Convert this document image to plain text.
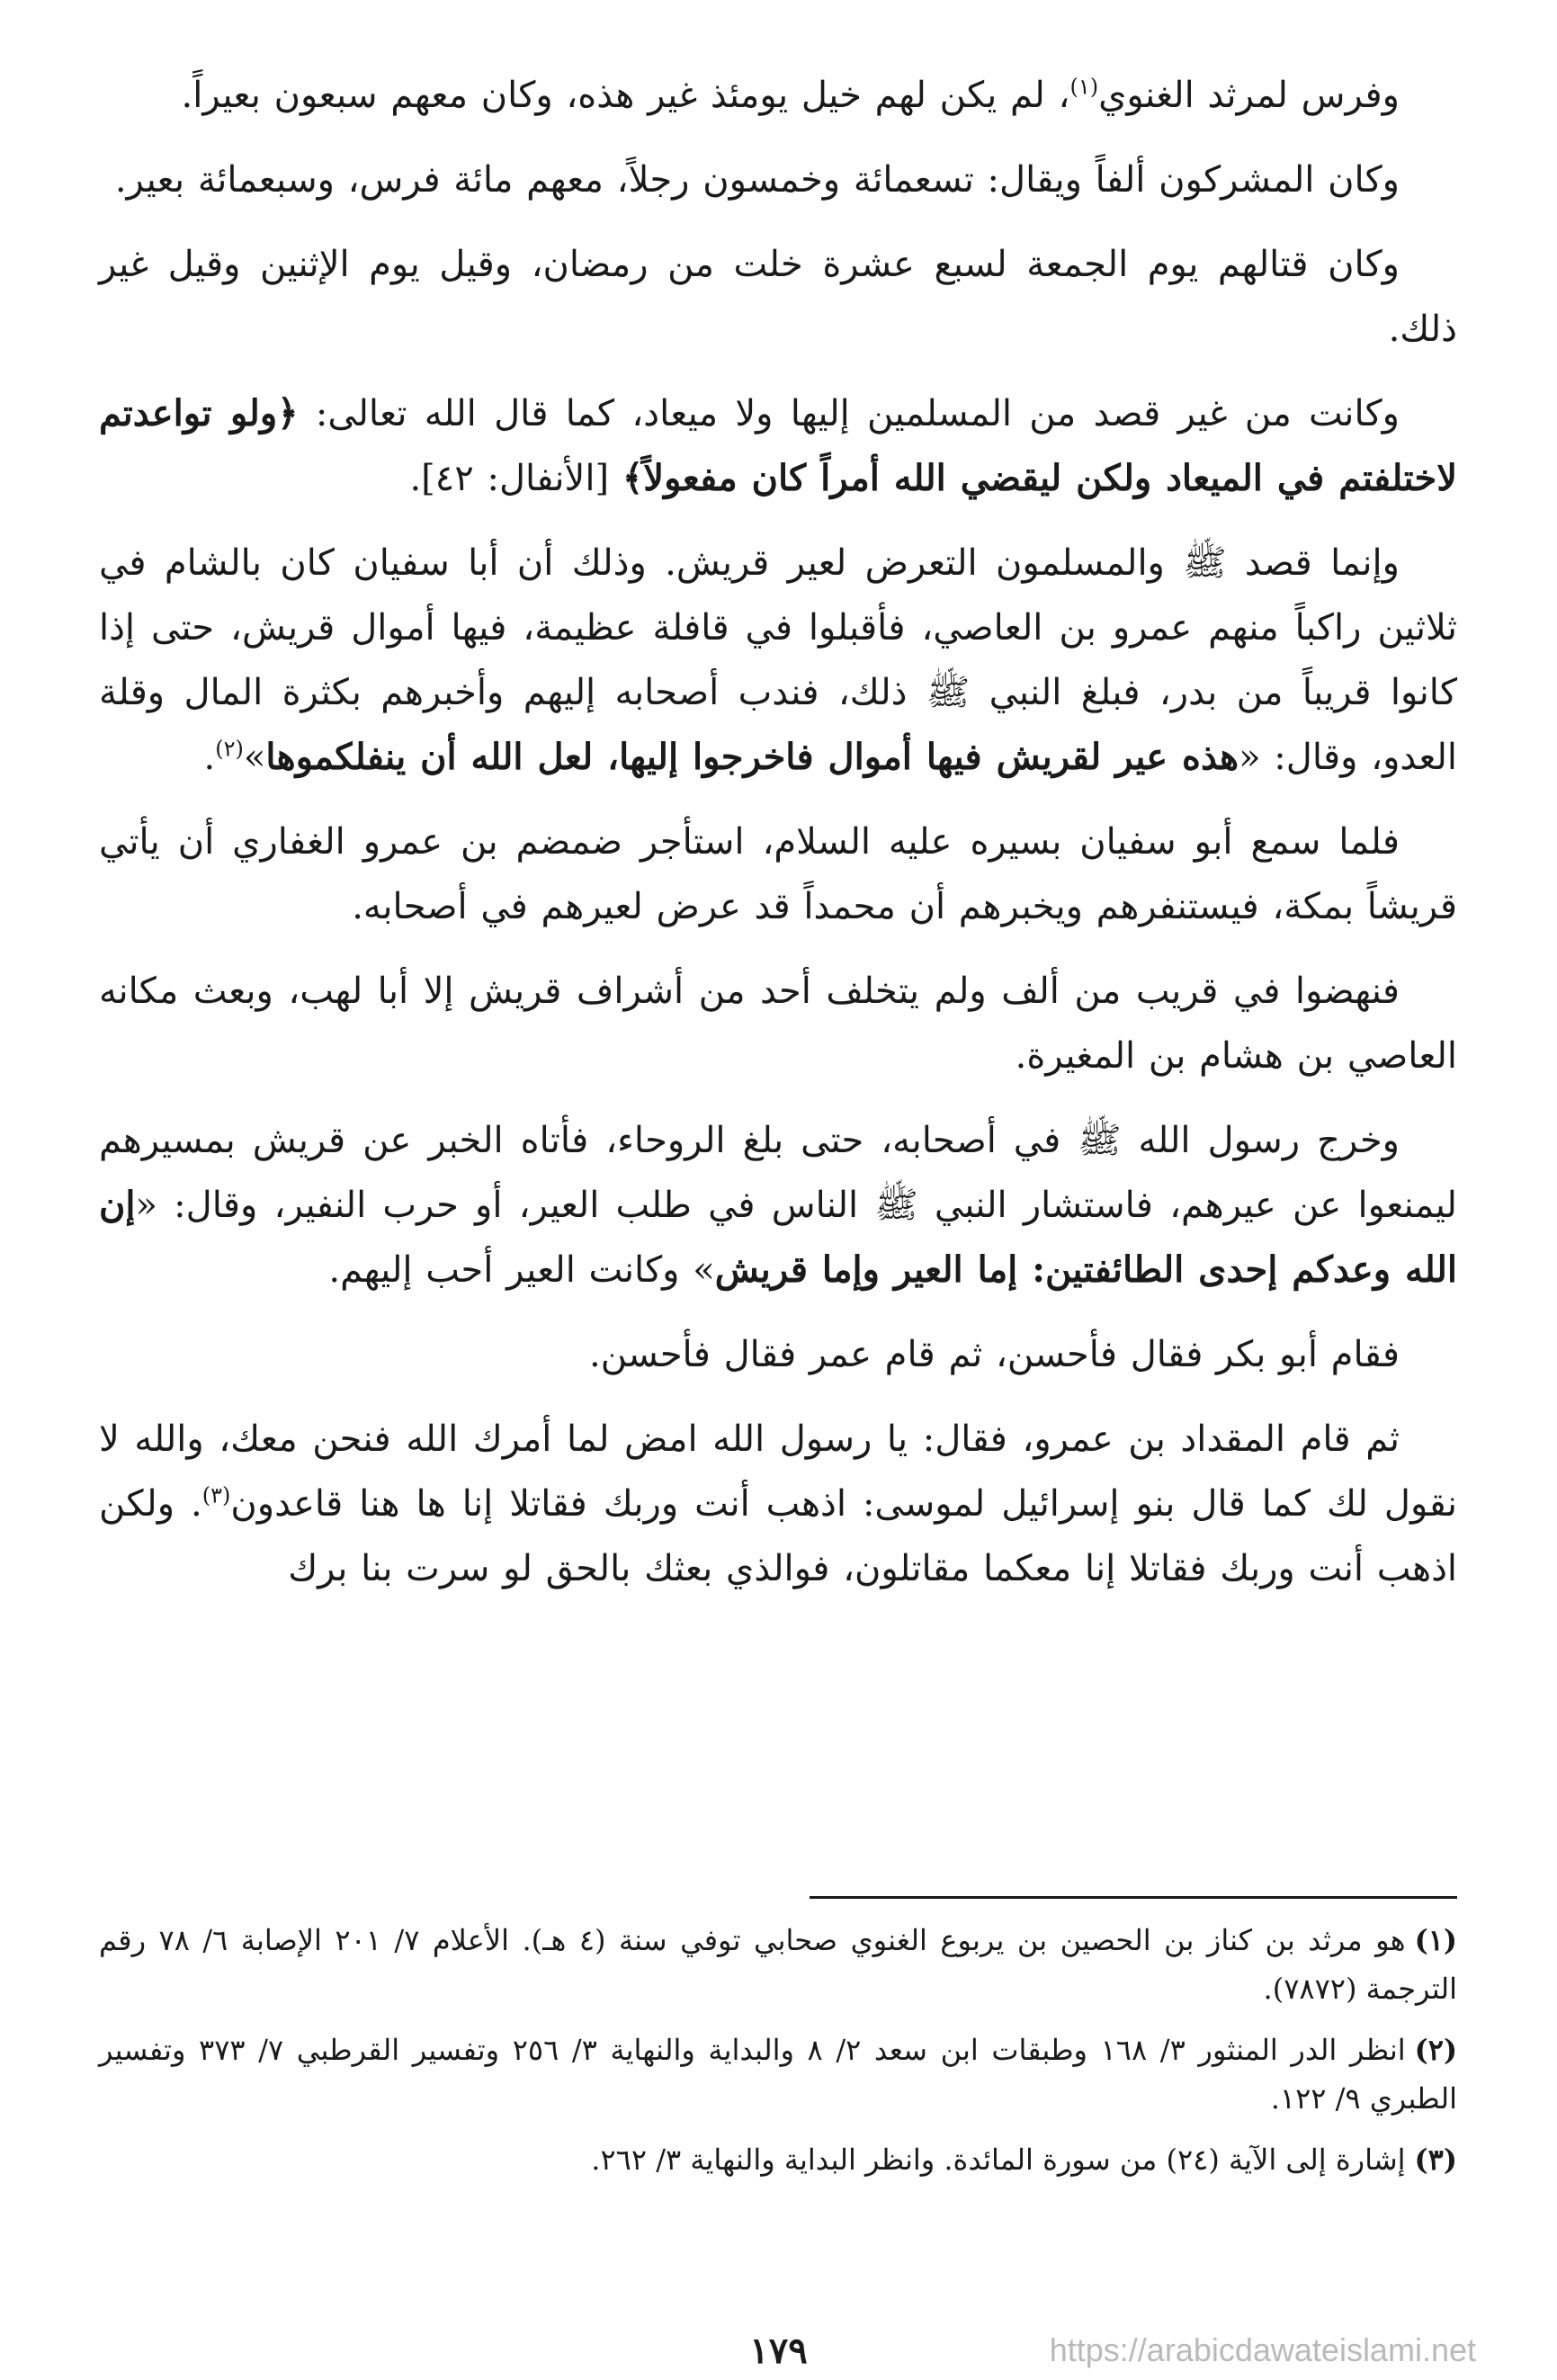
وفرس لمرثد الغنوي$^{(١)}$، لم يكن لهم خيل يومئذ غير هذه، وكان معهم سبعون بعيراً.

وكان المشركون ألفاً ويقال: تسعمائة وخمسون رجلاً، معهم مائة فرس، وسبعمائة بعير.

وكان قتالهم يوم الجمعة لسبع عشرة خلت من رمضان، وقيل يوم الإثنين وقيل غير ذلك.

وكانت من غير قصد من المسلمين إليها ولا ميعاد، كما قال الله تعالى: ﴿ولو تواعدتم لاختلفتم في الميعاد ولكن ليقضي الله أمراً كان مفعولاً﴾ [الأنفال: ٤٢].

وإنما قصد ﷺ والمسلمون التعرض لعير قريش. وذلك أن أبا سفيان كان بالشام في ثلاثين راكباً منهم عمرو بن العاصي، فأقبلوا في قافلة عظيمة، فيها أموال قريش، حتى إذا كانوا قريباً من بدر، فبلغ النبي ﷺ ذلك، فندب أصحابه إليهم وأخبرهم بكثرة المال وقلة العدو، وقال: «هذه عير لقريش فيها أموال فاخرجوا إليها، لعل الله أن ينفلكموها»$^{(٢)}$.

فلما سمع أبو سفيان بسيره عليه السلام، استأجر ضمضم بن عمرو الغفاري أن يأتي قريشاً بمكة، فيستنفرهم ويخبرهم أن محمداً قد عرض لعيرهم في أصحابه.

فنهضوا في قريب من ألف ولم يتخلف أحد من أشراف قريش إلا أبا لهب، وبعث مكانه العاصي بن هشام بن المغيرة.

وخرج رسول الله ﷺ في أصحابه، حتى بلغ الروحاء، فأتاه الخبر عن قريش بمسيرهم ليمنعوا عن عيرهم، فاستشار النبي ﷺ الناس في طلب العير، أو حرب النفير، وقال: «إن الله وعدكم إحدى الطائفتين: إما العير وإما قريش» وكانت العير أحب إليهم.

فقام أبو بكر فقال فأحسن، ثم قام عمر فقال فأحسن.

ثم قام المقداد بن عمرو، فقال: يا رسول الله امض لما أمرك الله فنحن معك، والله لا نقول لك كما قال بنو إسرائيل لموسى: اذهب أنت وربك فقاتلا إنا ها هنا قاعدون$^{(٣)}$. ولكن اذهب أنت وربك فقاتلا إنا معكما مقاتلون، فوالذي بعثك بالحق لو سرت بنا برك

(١)هو مرثد بن كناز بن الحصين بن يربوع الغنوي صحابي توفي سنة (٤ هـ). الأعلام ٧/ ٢٠١ الإصابة ٦/ ٧٨ رقم الترجمة (٧٨٧٢).

(٢)انظر الدر المنثور ٣/ ١٦٨ وطبقات ابن سعد ٢/ ٨ والبداية والنهاية ٣/ ٢٥٦ وتفسير القرطبي ٧/ ٣٧٣ وتفسير الطبري ٩/ ١٢٢.

(٣)إشارة إلى الآية (٢٤) من سورة المائدة. وانظر البداية والنهاية ٣/ ٢٦٢.

١٧٩	https://arabicdawateislami.net
